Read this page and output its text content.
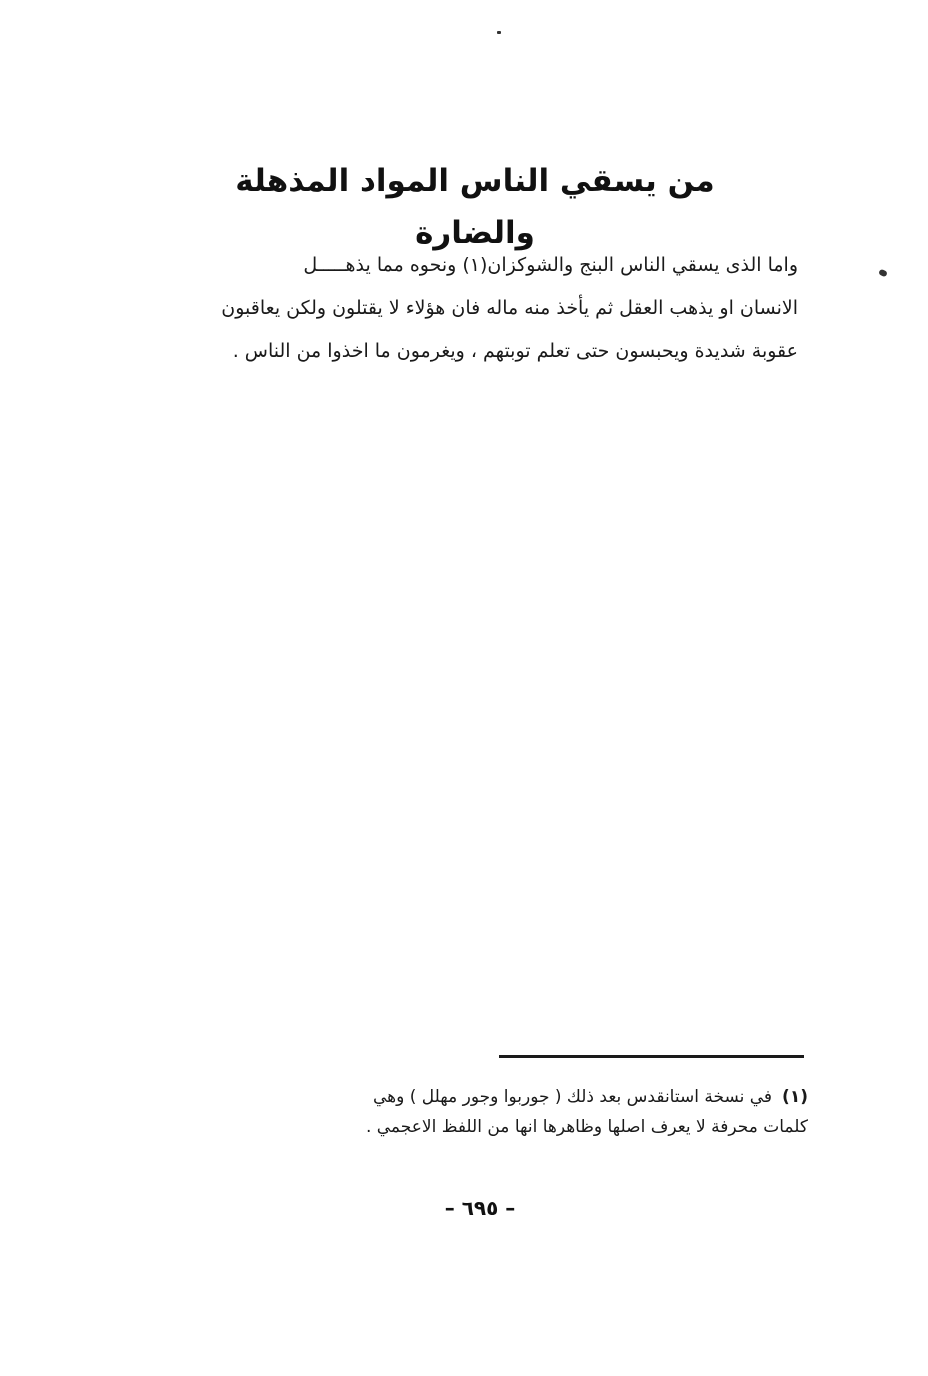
من يسقي الناس المواد المذهلة والضارة
واما الذى يسقي الناس البنج والشوكزان(١) ونحوه مما يذهـــــل
الانسان او يذهب العقل ثم يأخذ منه ماله فان هؤلاء لا يقتلون ولكن يعاقبون
عقوبة شديدة ويحبسون حتى تعلم توبتهم ، ويغرمون ما اخذوا من الناس .
(١)في نسخة استانقدس بعد ذلك ( جوربوا وجور مهلل ) وهي
كلمات محرفة لا يعرف اصلها وظاهرها انها من اللفظ الاعجمي .
– ٦٩٥ –
